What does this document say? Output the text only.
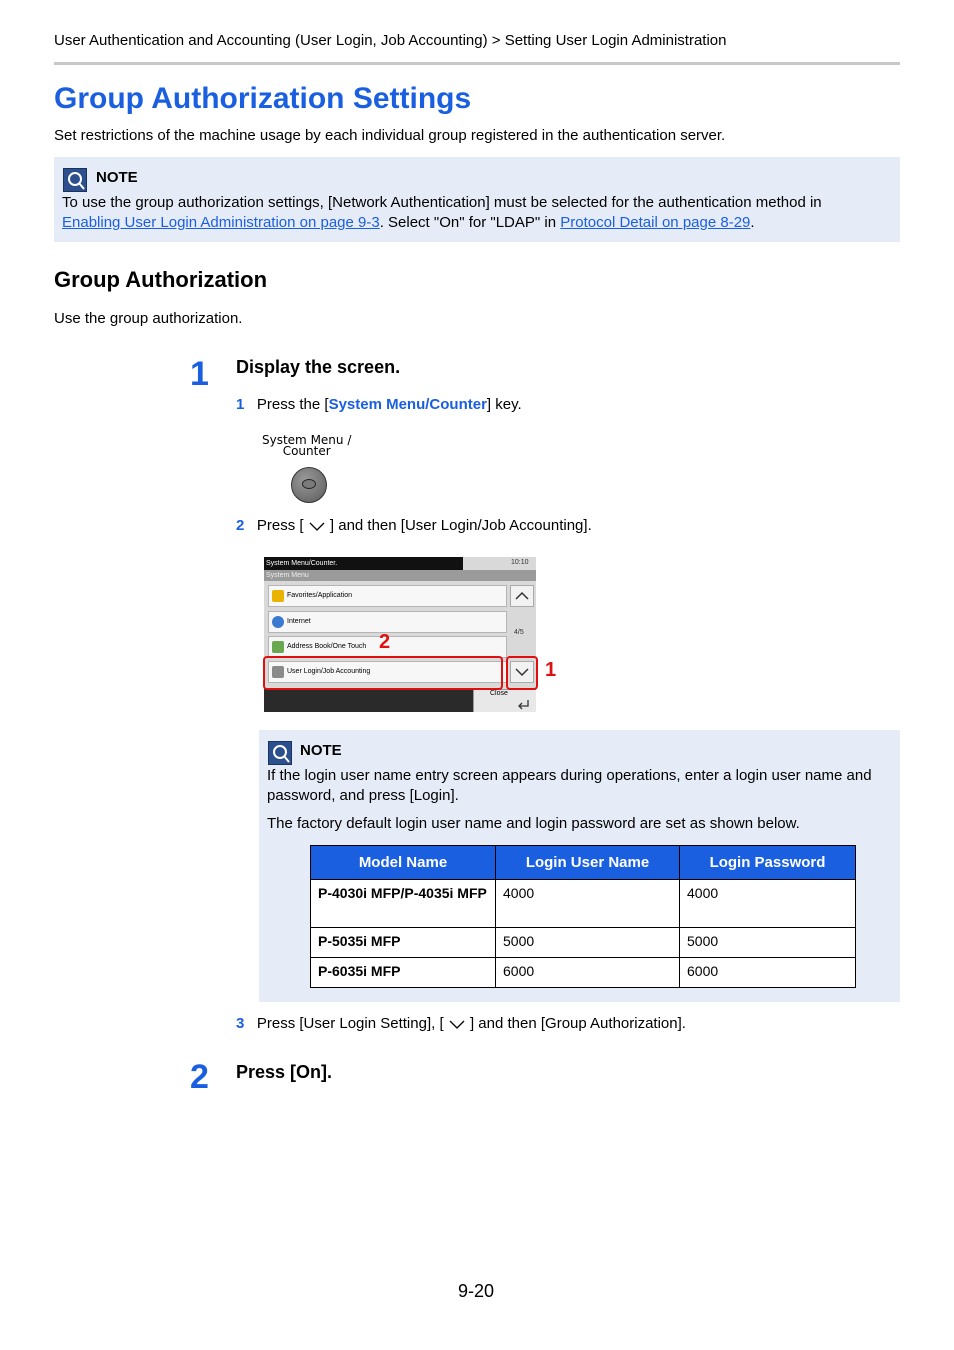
User Authentication and Accounting (User Login, Job Accounting) > Setting User Login Administration
Group Authorization Settings
Set restrictions of the machine usage by each individual group registered in the authentication server.
NOTE
To use the group authorization settings, [Network Authentication] must be selected for the authentication method in
Enabling User Login Administration on page 9-3. Select "On" for "LDAP" in Protocol Detail on page 8-29.
Group Authorization
Use the group authorization.
1 Display the screen.
1 Press the [System Menu/Counter] key.
System Menu /
Counter
2 Press [ ] and then [User Login/Job Accounting].
System Menu/Counter.	10:10
System Menu
Favorites/Application
Internet
Address Book/One Touch
User Login/Job Accounting
4/5
Close
2
1
NOTE
If the login user name entry screen appears during operations, enter a login user name and password, and press [Login].
The factory default login user name and login password are set as shown below.
Model Name	Login User Name	Login Password
P-4030i MFP/P-4035i MFP	4000	4000
P-5035i MFP	5000	5000
P-6035i MFP	6000	6000
3 Press [User Login Setting], [ ] and then [Group Authorization].
2 Press [On].
9-20
